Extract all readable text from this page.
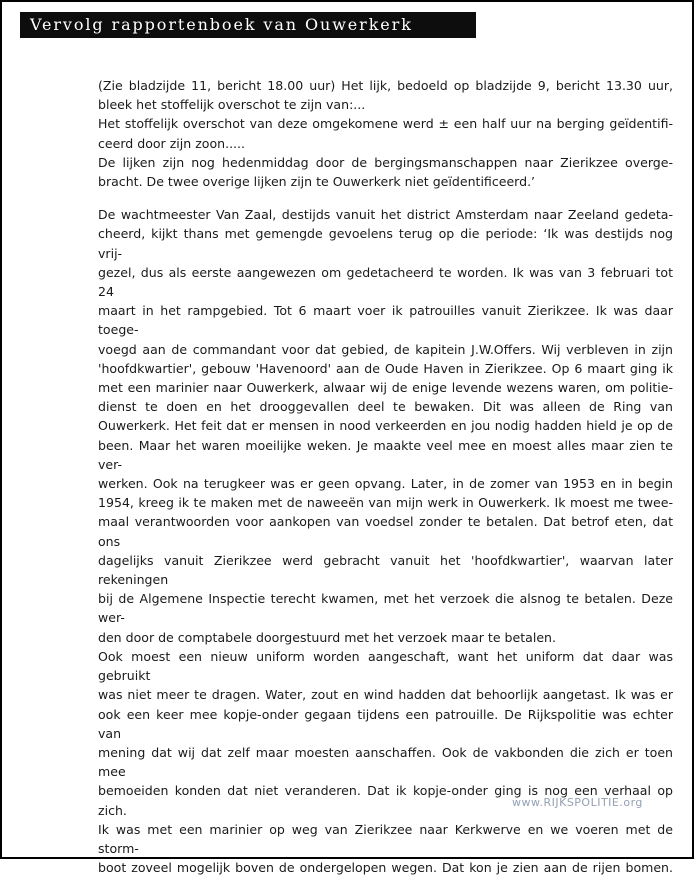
Vervolg rapportenboek van Ouwerkerk

(Zie bladzijde 11, bericht 18.00 uur) Het lijk, bedoeld op bladzijde 9, bericht 13.30 uur,
bleek het stoffelijk overschot te zijn van:...
Het stoffelijk overschot van deze omgekomene werd ± een half uur na berging geïdentifi-
ceerd door zijn zoon.....
De lijken zijn nog hedenmiddag door de bergingsmanschappen naar Zierikzee overge-
bracht. De twee overige lijken zijn te Ouwerkerk niet geïdentificeerd.’

De wachtmeester Van Zaal, destijds vanuit het district Amsterdam naar Zeeland gedeta-
cheerd, kijkt thans met gemengde gevoelens terug op die periode: ‘Ik was destijds nog vrij-
gezel, dus als eerste aangewezen om gedetacheerd te worden. Ik was van 3 februari tot 24
maart in het rampgebied. Tot 6 maart voer ik patrouilles vanuit Zierikzee. Ik was daar toege-
voegd aan de commandant voor dat gebied, de kapitein J.W.Offers. Wij verbleven in zijn
'hoofdkwartier', gebouw 'Havenoord' aan de Oude Haven in Zierikzee. Op 6 maart ging ik
met een marinier naar Ouwerkerk, alwaar wij de enige levende wezens waren, om politie-
dienst te doen en het drooggevallen deel te bewaken. Dit was alleen de Ring van
Ouwerkerk. Het feit dat er mensen in nood verkeerden en jou nodig hadden hield je op de
been. Maar het waren moeilijke weken. Je maakte veel mee en moest alles maar zien te ver-
werken. Ook na terugkeer was er geen opvang. Later, in de zomer van 1953 en in begin
1954, kreeg ik te maken met de naweeën van mijn werk in Ouwerkerk. Ik moest me twee-
maal verantwoorden voor aankopen van voedsel zonder te betalen. Dat betrof eten, dat ons
dagelijks vanuit Zierikzee werd gebracht vanuit het 'hoofdkwartier', waarvan later rekeningen
bij de Algemene Inspectie terecht kwamen, met het verzoek die alsnog te betalen. Deze wer-
den door de comptabele doorgestuurd met het verzoek maar te betalen.

Ook moest een nieuw uniform worden aangeschaft, want het uniform dat daar was gebruikt
was niet meer te dragen. Water, zout en wind hadden dat behoorlijk aangetast. Ik was er
ook een keer mee kopje-onder gegaan tijdens een patrouille. De Rijkspolitie was echter van
mening dat wij dat zelf maar moesten aanschaffen. Ook de vakbonden die zich er toen mee
bemoeiden konden dat niet veranderen. Dat ik kopje-onder ging is nog een verhaal op zich.
Ik was met een marinier op weg van Zierikzee naar Kerkwerve en we voeren met de storm-
boot zoveel mogelijk boven de ondergelopen wegen. Dat kon je zien aan de rijen bomen.

www.RIJKSPOLITIE.org
